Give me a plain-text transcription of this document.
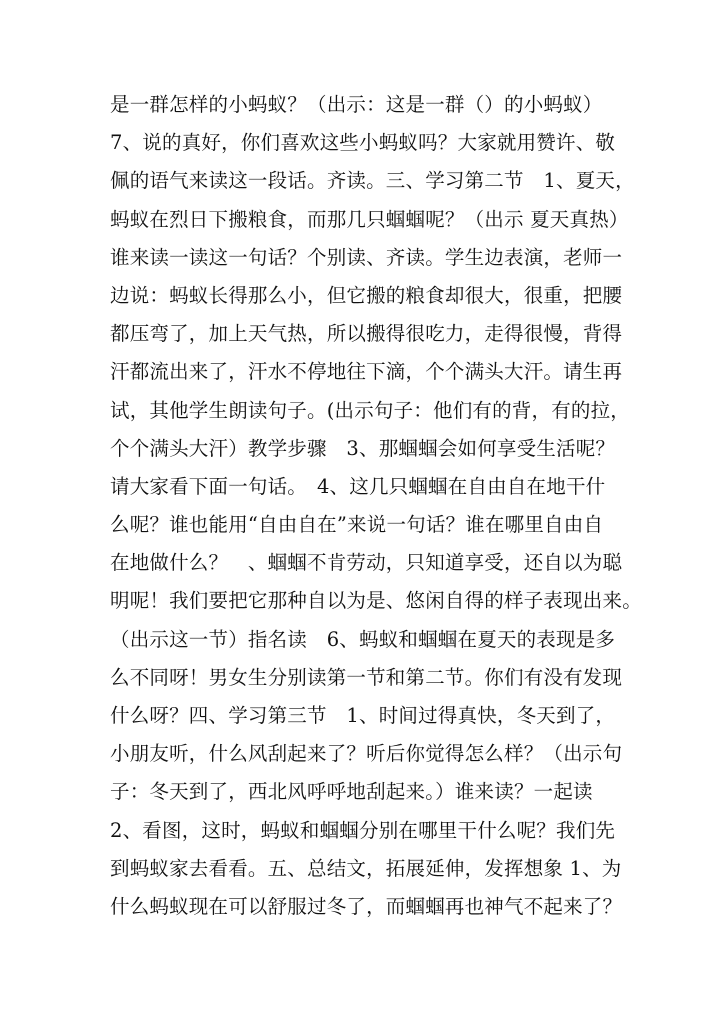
是一群怎样的小蚂蚁？（出示：这是一群（）的小蚂蚁）
7、说的真好，你们喜欢这些小蚂蚁吗？大家就用赞许、敬
佩的语气来读这一段话。齐读。三、学习第二节　1、夏天，
蚂蚁在烈日下搬粮食，而那几只蝈蝈呢？（出示 夏天真热）
谁来读一读这一句话？个别读、齐读。学生边表演，老师一
边说：蚂蚁长得那么小，但它搬的粮食却很大，很重，把腰
都压弯了，加上天气热，所以搬得很吃力，走得很慢，背得
汗都流出来了，汗水不停地往下滴，个个满头大汗。请生再
试，其他学生朗读句子。(出示句子：他们有的背，有的拉，
个个满头大汗）教学步骤　3、那蝈蝈会如何享受生活呢？
请大家看下面一句话。　4、这几只蝈蝈在自由自在地干什
么呢？谁也能用“自由自在”来说一句话？谁在哪里自由自
在地做什么？　、蝈蝈不肯劳动，只知道享受，还自以为聪
明呢！我们要把它那种自以为是、悠闲自得的样子表现出来。
（出示这一节）指名读　6、蚂蚁和蝈蝈在夏天的表现是多
么不同呀！男女生分别读第一节和第二节。你们有没有发现
什么呀？四、学习第三节　1、时间过得真快，冬天到了，
小朋友听，什么风刮起来了？听后你觉得怎么样？（出示句
子：冬天到了，西北风呼呼地刮起来。）谁来读？一起读
2、看图，这时，蚂蚁和蝈蝈分别在哪里干什么呢？我们先
到蚂蚁家去看看。五、总结文，拓展延伸，发挥想象 1、为
什么蚂蚁现在可以舒服过冬了，而蝈蝈再也神气不起来了？
